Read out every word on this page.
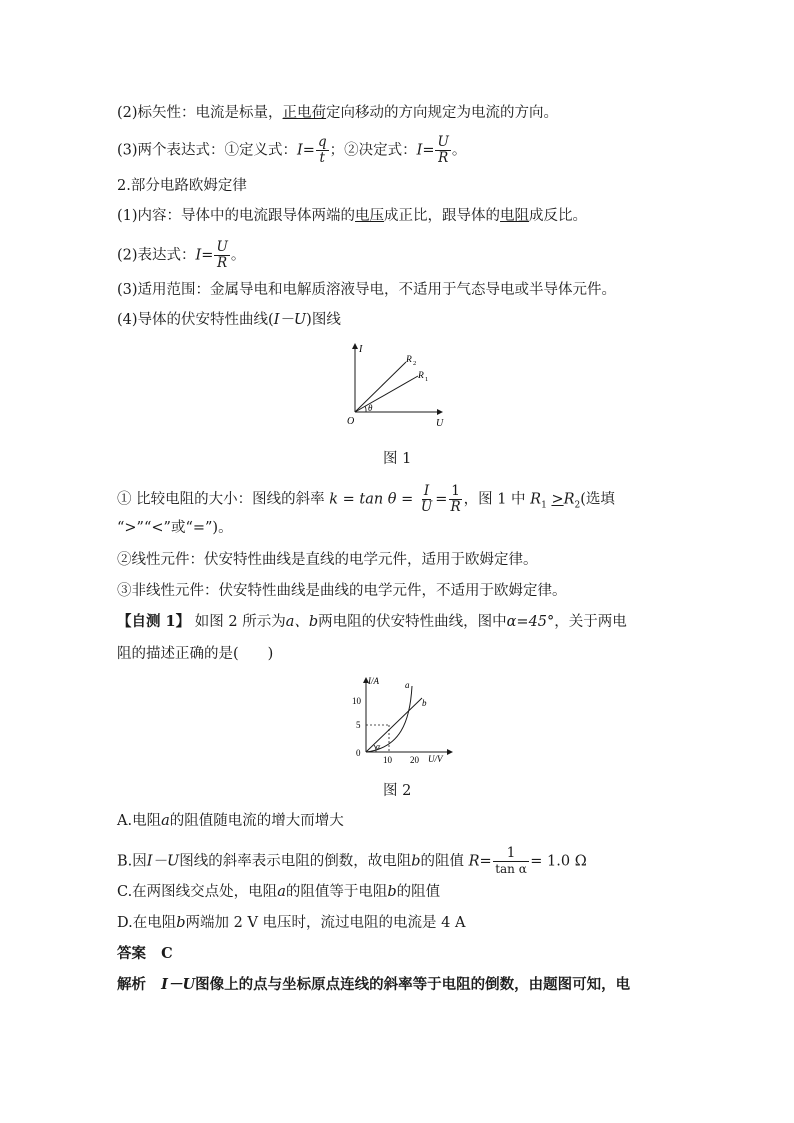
(2)标矢性：电流是标量，正电荷定向移动的方向规定为电流的方向。
(3)两个表达式：①定义式：$I= \frac{q}{t}$ ；②决定式：$I= \frac{U}{R}$ 。
2.部分电路欧姆定律
(1)内容：导体中的电流跟导体两端的电压成正比，跟导体的电阻成反比。
(2)表达式：$I= \frac{U}{R}$ 。
(3)适用范围：金属导电和电解质溶液导电，不适用于气态导电或半导体元件。
(4)导体的伏安特性曲线(I－U)图线
I
U
O
θ
R 2
R 1
图 1
① 比较电阻的大小：图线的斜率 $k = \tan \theta = \frac{I}{U} = \frac{1}{R}$ ，图 1 中 $R_1 >R_2$(选填
“>”“<”或“=”)。
②线性元件：伏安特性曲线是直线的电学元件，适用于欧姆定律。
③非线性元件：伏安特性曲线是曲线的电学元件，不适用于欧姆定律。
【自测 1】 如图 2 所示为a、b两电阻的伏安特性曲线，图中α=45°，关于两电
阻的描述正确的是(　　)
I/A
U/V
10
5
0
10 20
a
b
α
图 2
A.电阻a的阻值随电流的增大而增大
B.因I－U图线的斜率表示电阻的倒数，故电阻b的阻值 $R= \frac{1}{\text{tan α}} = 1.0$ Ω
C.在两图线交点处，电阻a的阻值等于电阻b的阻值
D.在电阻b两端加 2 V 电压时，流过电阻的电流是 4 A
答案 C
解析 I－U图像上的点与坐标原点连线的斜率等于电阻的倒数，由题图可知，电
